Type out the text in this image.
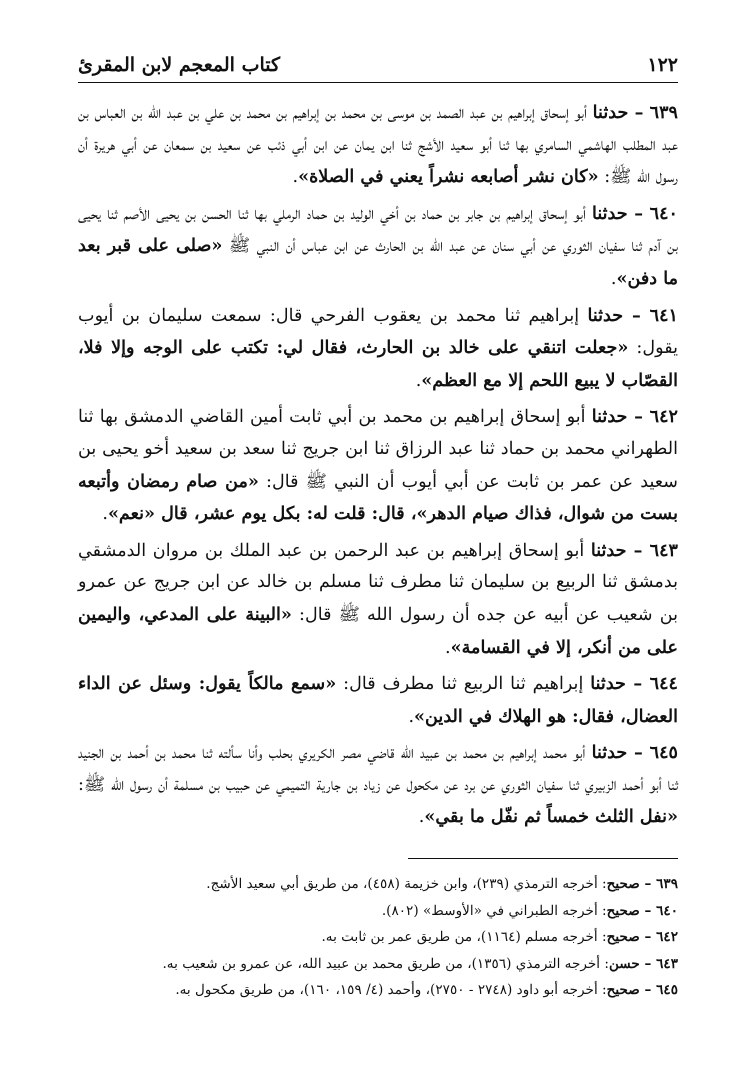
١٢٢
كتاب المعجم لابن المقرئ

٦٣٩ – حدثنا أبو إسحاق إبراهيم بن عبد الصمد بن موسى بن محمد بن إبراهيم بن محمد بن علي بن عبد الله بن العباس بن عبد المطلب الهاشمي السامري بها ثنا أبو سعيد الأشج ثنا ابن يمان عن ابن أبي ذئب عن سعيد بن سمعان عن أبي هريرة أن رسول الله ﷺ: «كان نشر أصابعه نشراً يعني في الصلاة».

٦٤٠ – حدثنا أبو إسحاق إبراهيم بن جابر بن حماد بن أخي الوليد بن حماد الرملي بها ثنا الحسن بن يحيى الأصم ثنا يحيى بن آدم ثنا سفيان الثوري عن أبي سنان عن عبد الله بن الحارث عن ابن عباس أن النبي ﷺ «صلى على قبر بعد ما دفن».

٦٤١ – حدثنا إبراهيم ثنا محمد بن يعقوب الفرحي قال: سمعت سليمان بن أيوب يقول: «جعلت اتنقي على خالد بن الحارث، فقال لي: تكتب على الوجه وإلا فلا، القصّاب لا يبيع اللحم إلا مع العظم».

٦٤٢ – حدثنا أبو إسحاق إبراهيم بن محمد بن أبي ثابت أمين القاضي الدمشق بها ثنا الطهراني محمد بن حماد ثنا عبد الرزاق ثنا ابن جريج ثنا سعد بن سعيد أخو يحيى بن سعيد عن عمر بن ثابت عن أبي أيوب أن النبي ﷺ قال: «من صام رمضان وأتبعه بست من شوال، فذاك صيام الدهر»، قال: قلت له: بكل يوم عشر، قال «نعم».

٦٤٣ – حدثنا أبو إسحاق إبراهيم بن عبد الرحمن بن عبد الملك بن مروان الدمشقي بدمشق ثنا الربيع بن سليمان ثنا مطرف ثنا مسلم بن خالد عن ابن جريج عن عمرو بن شعيب عن أبيه عن جده أن رسول الله ﷺ قال: «البينة على المدعي، واليمين على من أنكر، إلا في القسامة».

٦٤٤ – حدثنا إبراهيم ثنا الربيع ثنا مطرف قال: «سمع مالكاً يقول: وسئل عن الداء العضال، فقال: هو الهلاك في الدين».

٦٤٥ – حدثنا أبو محمد إبراهيم بن محمد بن عبيد الله قاضي مصر الكريري بحلب وأنا سألته ثنا محمد بن أحمد بن الجنيد ثنا أبو أحمد الزبيري ثنا سفيان الثوري عن برد عن مكحول عن زياد بن جارية التميمي عن حبيب بن مسلمة أن رسول الله ﷺ: «نفل الثلث خمساً ثم نفّل ما بقي».

٦٣٩ – صحيح: أخرجه الترمذي (٢٣٩)، وابن خزيمة (٤٥٨)، من طريق أبي سعيد الأشج.

٦٤٠ – صحيح: أخرجه الطبراني في «الأوسط» (٨٠٢).

٦٤٢ – صحيح: أخرجه مسلم (١١٦٤)، من طريق عمر بن ثابت به.

٦٤٣ – حسن: أخرجه الترمذي (١٣٥٦)، من طريق محمد بن عبيد الله، عن عمرو بن شعيب به.

٦٤٥ – صحيح: أخرجه أبو داود (٢٧٤٨ - ٢٧٥٠)، وأحمد (٤/ ١٥٩، ١٦٠)، من طريق مكحول به.
